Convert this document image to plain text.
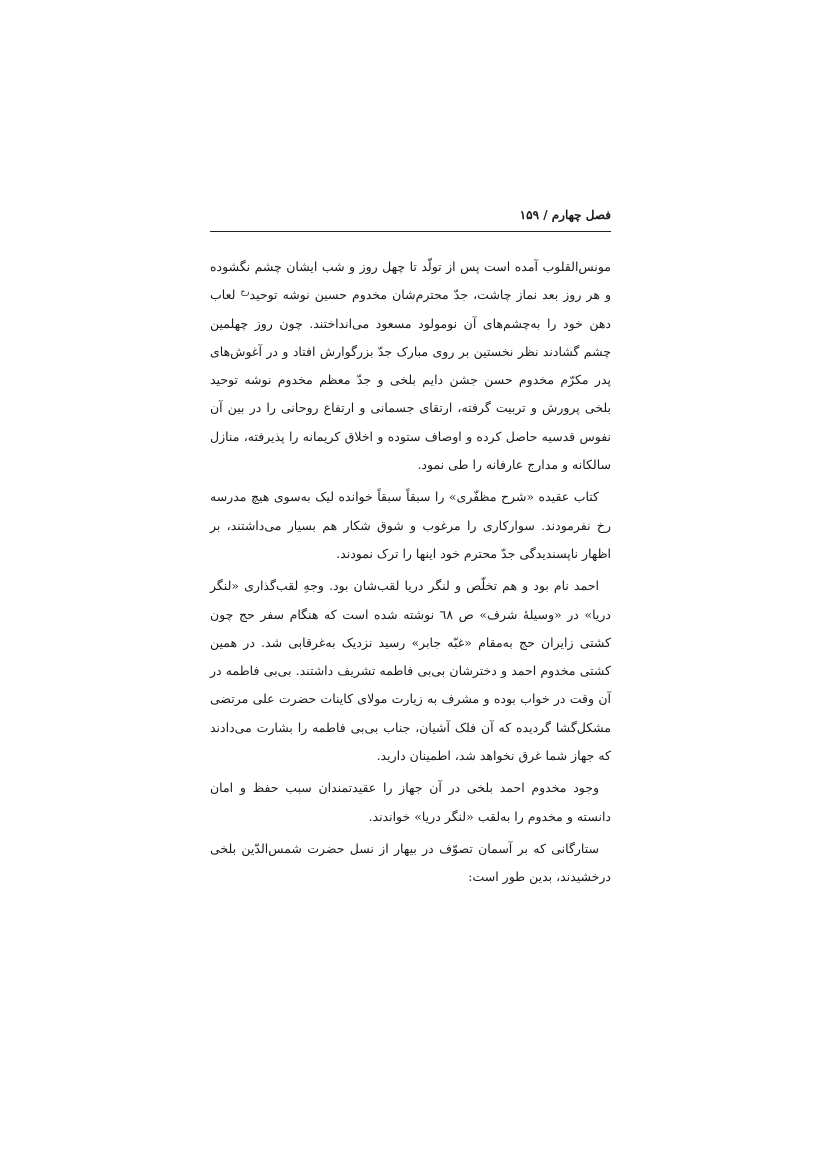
فصل چهارم / ۱۵۹

مونس‌القلوب آمده است پس از تولّد تا چهل روز و شب ایشان چشم نگشوده و هر روز بعد نماز چاشت، جدّ محترم‌شان مخدوم حسین نوشه توحید$^{رح}$ لعاب دهن خود را به‌چشم‌های آن نومولود مسعود می‌انداختند. چون روز چهلمین چشم گشادند نظر نخستین بر روی مبارک جدّ بزرگوارش افتاد و در آغوش‌های پدر مکرّم مخدوم حسن جشن دایم بلخی و جدّ معظم مخدوم نوشه توحید بلخی پرورش و تربیت گرفته، ارتقای جسمانی و ارتفاع روحانی را در بین آن نفوس قدسیه حاصل کرده و اوصاف ستوده و اخلاق کریمانه را پذیرفته، منازل سالکانه و مدارج عارفانه را طی نمود.

کتاب عقیده «شرح مظفّری» را سبقاً سبقاً خوانده لیک به‌سوی هیچ مدرسه رخ نفرمودند. سوارکاری را مرغوب و شوق شکار هم بسیار می‌داشتند، بر اظهار ناپسندیدگی جدّ محترم خود اینها را ترک نمودند.

احمد نام بود و هم تخلّص و لنگر دریا لقب‌شان بود. وجهِ لقب‌گذاری «لنگر دریا» در «وسیلهٔ شرف» ص ٦٨ نوشته شده است که هنگام سفر حج چون کشتی زایران حج به‌مقام «غبّه جابر» رسید نزدیک به‌غرقابی شد. در همین کشتی مخدوم احمد و دخترشان بی‌بی فاطمه تشریف داشتند. بی‌بی فاطمه در آن وقت در خواب بوده و مشرف به زیارت مولای کاینات حضرت علی مرتضی مشکل‌گشا گردیده که آن فلک آشیان، جناب بی‌بی فاطمه را بشارت می‌دادند که جهاز شما غرق نخواهد شد، اطمینان دارید.

وجود مخدوم احمد بلخی در آن جهاز را عقیدتمندان سبب حفظ و امان دانسته و مخدوم را به‌لقب «لنگر دریا» خواندند.

ستارگانی که بر آسمان تصوّف در بیهار از نسل حضرت شمس‌الدّین بلخی درخشیدند، بدین طور است:
